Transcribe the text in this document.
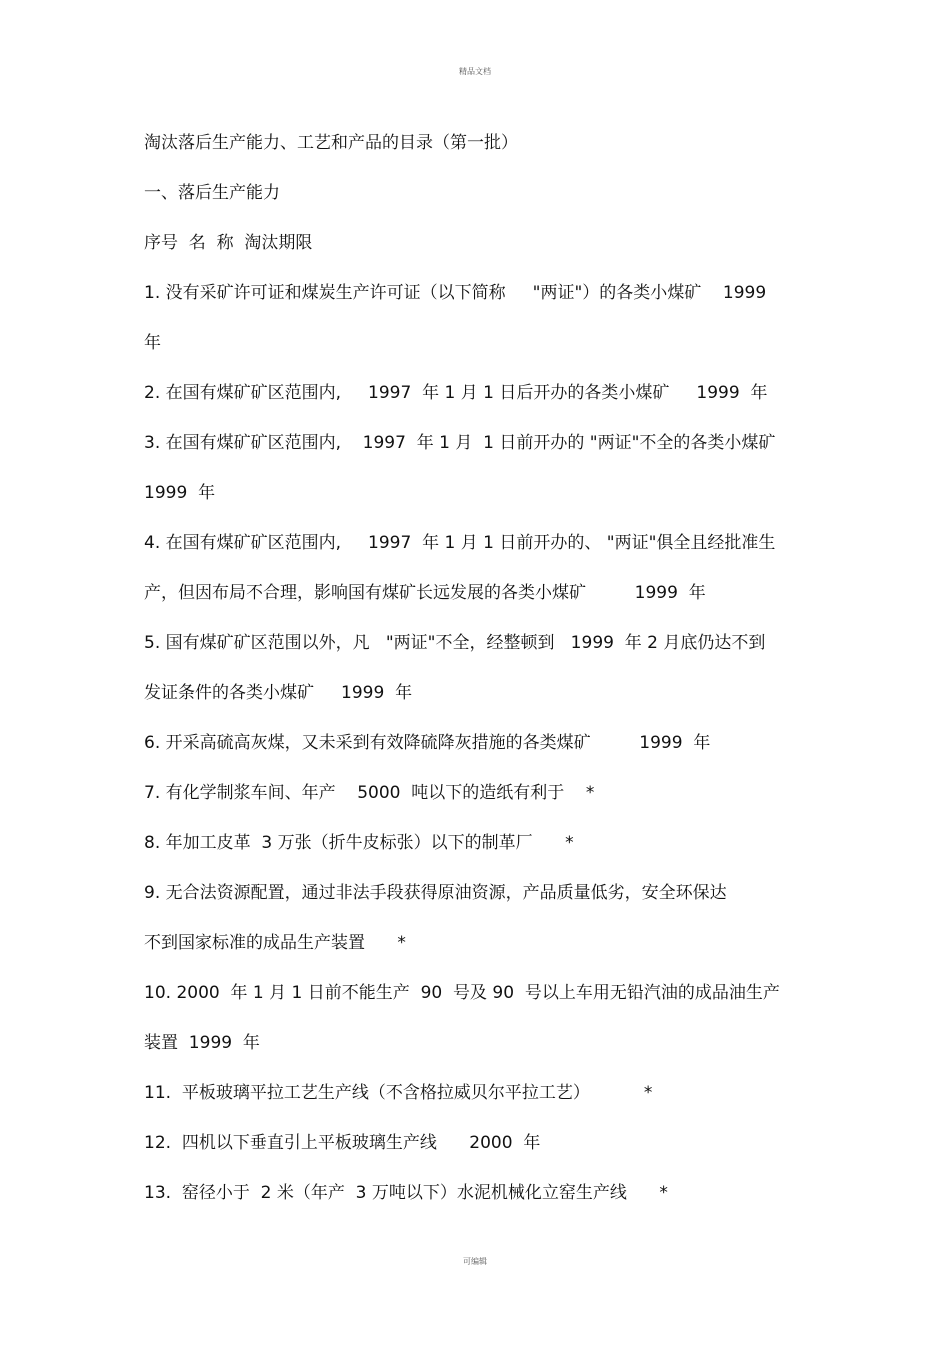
精品文档
淘汰落后生产能力、工艺和产品的目录（第一批）
一、落后生产能力
序号  名  称  淘汰期限
1. 没有采矿许可证和煤炭生产许可证（以下简称     "两证"）的各类小煤矿    1999
年
2. 在国有煤矿矿区范围内,     1997  年 1 月 1 日后开办的各类小煤矿     1999  年
3. 在国有煤矿矿区范围内,    1997  年 1 月  1 日前开办的 "两证"不全的各类小煤矿
1999  年
4. 在国有煤矿矿区范围内,     1997  年 1 月 1 日前开办的、 "两证"俱全且经批准生
产，但因布局不合理，影响国有煤矿长远发展的各类小煤矿         1999  年
5. 国有煤矿矿区范围以外，凡   "两证"不全，经整顿到   1999  年 2 月底仍达不到
发证条件的各类小煤矿     1999  年
6. 开采高硫高灰煤，又未采到有效降硫降灰措施的各类煤矿         1999  年
7. 有化学制浆车间、年产    5000  吨以下的造纸有利于    *
8. 年加工皮革  3 万张（折牛皮标张）以下的制革厂      *
9. 无合法资源配置，通过非法手段获得原油资源，产品质量低劣，安全环保达
不到国家标准的成品生产装置      *
10. 2000  年 1 月 1 日前不能生产  90  号及 90  号以上车用无铅汽油的成品油生产
装置  1999  年
11.  平板玻璃平拉工艺生产线（不含格拉威贝尔平拉工艺）          *
12.  四机以下垂直引上平板玻璃生产线      2000  年
13.  窑径小于  2 米（年产  3 万吨以下）水泥机械化立窑生产线      *
可编辑
